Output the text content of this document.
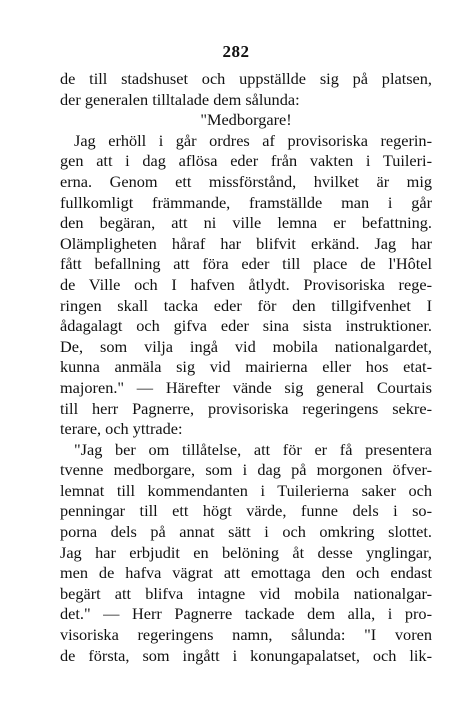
282
de till stadshuset och uppställde sig på platsen,
der generalen tilltalade dem sålunda:
"Medborgare!
Jag erhöll i går ordres af provisoriska regerin-
gen att i dag aflösa eder från vakten i Tuileri-
erna. Genom ett missförstånd, hvilket är mig
fullkomligt främmande, framställde man i går
den begäran, att ni ville lemna er befattning.
Olämpligheten håraf har blifvit erkänd. Jag har
fått befallning att föra eder till place de l'Hôtel
de Ville och I hafven åtlydt. Provisoriska rege-
ringen skall tacka eder för den tillgifvenhet I
ådagalagt och gifva eder sina sista instruktioner.
De, som vilja ingå vid mobila nationalgardet,
kunna anmäla sig vid mairierna eller hos etat-
majoren." — Härefter vände sig general Courtais
till herr Pagnerre, provisoriska regeringens sekre-
terare, och yttrade:
"Jag ber om tillåtelse, att för er få presentera
tvenne medborgare, som i dag på morgonen öfver-
lemnat till kommendanten i Tuilerierna saker och
penningar till ett högt värde, funne dels i so-
porna dels på annat sätt i och omkring slottet.
Jag har erbjudit en belöning åt desse ynglingar,
men de hafva vägrat att emottaga den och endast
begärt att blifva intagne vid mobila nationalgar-
det." — Herr Pagnerre tackade dem alla, i pro-
visoriska regeringens namn, sålunda: "I voren
de första, som ingått i konungapalatset, och lik-
